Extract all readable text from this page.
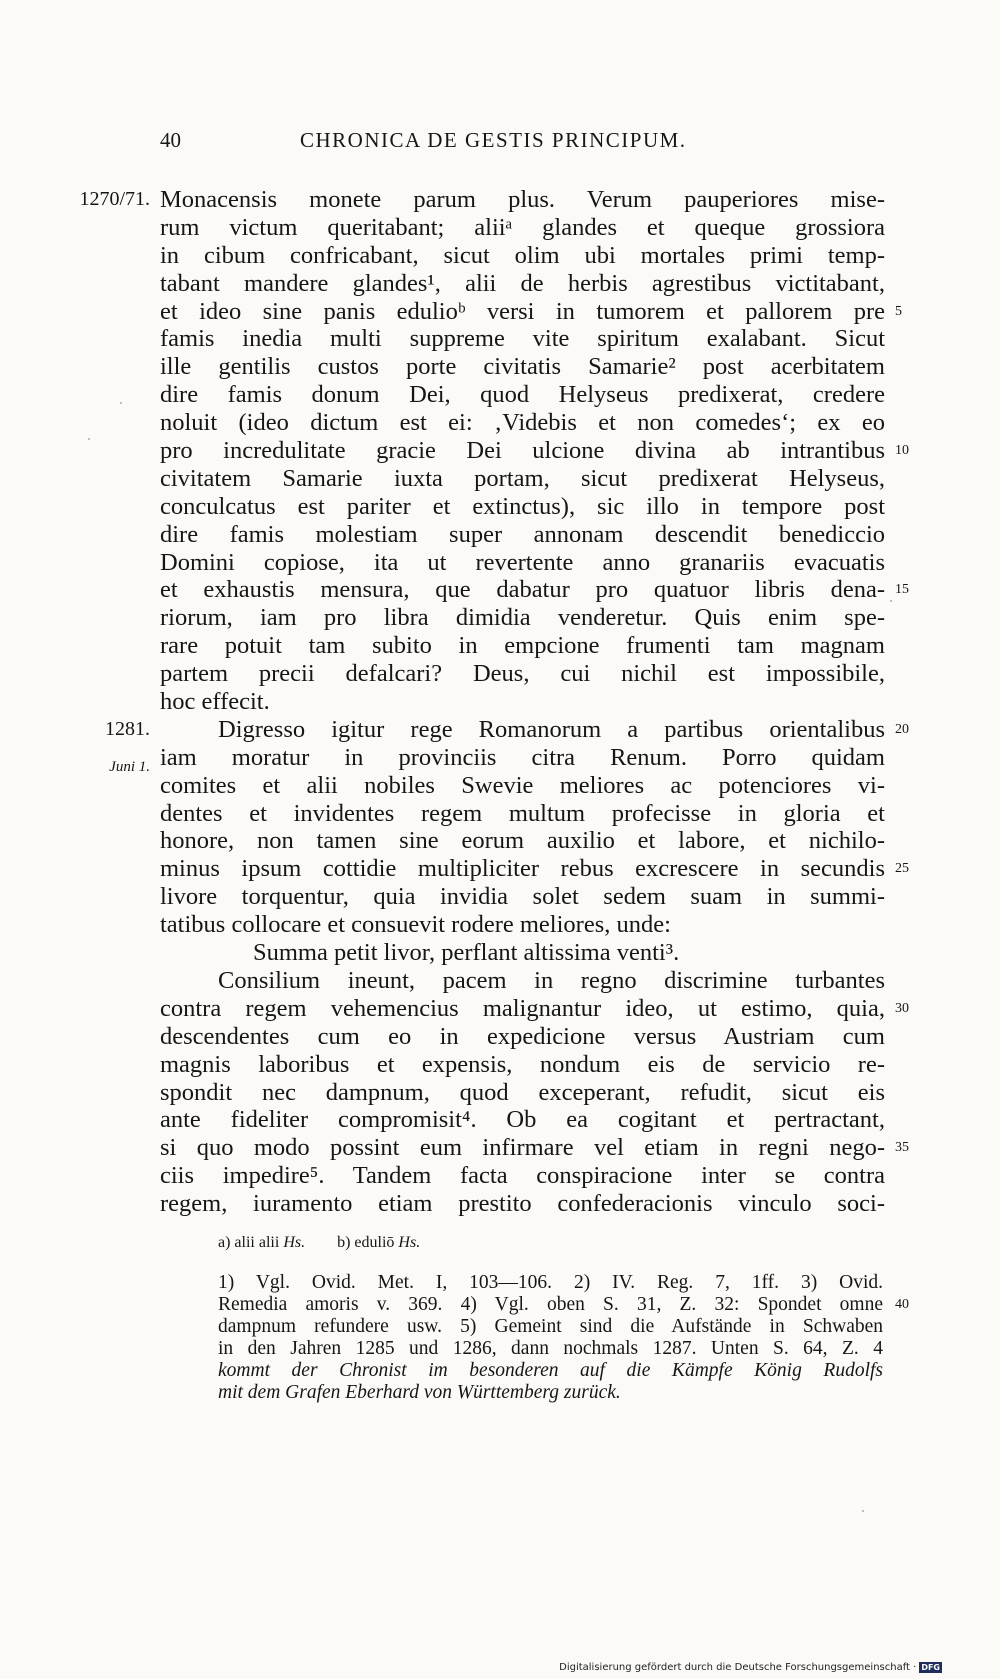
40	CHRONICA DE GESTIS PRINCIPUM.
1270/71. Monacensis monete parum plus. Verum pauperiores mise-
rum victum queritabant; aliiᵃ glandes et queque grossiora
in cibum confricabant, sicut olim ubi mortales primi temp-
tabant mandere glandes¹, alii de herbis agrestibus victitabant,
et ideo sine panis edulioᵇ versi in tumorem et pallorem pre 5
famis inedia multi suppreme vite spiritum exalabant. Sicut
ille gentilis custos porte civitatis Samarie² post acerbitatem
dire famis donum Dei, quod Helyseus predixerat, credere
noluit (ideo dictum est ei: ‚Videbis et non comedes‘; ex eo
pro incredulitate gracie Dei ulcione divina ab intrantibus 10
civitatem Samarie iuxta portam, sicut predixerat Helyseus,
conculcatus est pariter et extinctus), sic illo in tempore post
dire famis molestiam super annonam descendit benediccio
Domini copiose, ita ut revertente anno granariis evacuatis
et exhaustis mensura, que dabatur pro quatuor libris dena- 15
riorum, iam pro libra dimidia venderetur. Quis enim spe-
rare potuit tam subito in empcione frumenti tam magnam
partem precii defalcari? Deus, cui nichil est impossibile,
hoc effecit.
1281.	Digresso igitur rege Romanorum a partibus orientalibus 20
Juni 1. iam moratur in provinciis citra Renum. Porro quidam
comites et alii nobiles Swevie meliores ac potenciores vi-
dentes et invidentes regem multum profecisse in gloria et
honore, non tamen sine eorum auxilio et labore, et nichilo-
minus ipsum cottidie multipliciter rebus excrescere in secundis 25
livore torquentur, quia invidia solet sedem suam in summi-
tatibus collocare et consuevit rodere meliores, unde:
Summa petit livor, perflant altissima venti³.
Consilium ineunt, pacem in regno discrimine turbantes
contra regem vehemencius malignantur ideo, ut estimo, quia, 30
descendentes cum eo in expedicione versus Austriam cum
magnis laboribus et expensis, nondum eis de servicio re-
spondit nec dampnum, quod exceperant, refudit, sicut eis
ante fideliter compromisit⁴. Ob ea cogitant et pertractant,
si quo modo possint eum infirmare vel etiam in regni nego- 35
ciis impedire⁵. Tandem facta conspiracione inter se contra
regem, iuramento etiam prestito confederacionis vinculo soci-
a) alii alii Hs. b) eduliō Hs.
1) Vgl. Ovid. Met. I, 103—106. 2) IV. Reg. 7, 1ff. 3) Ovid.
Remedia amoris v. 369. 4) Vgl. oben S. 31, Z. 32: Spondet omne 40
dampnum refundere usw. 5) Gemeint sind die Aufstände in Schwaben
in den Jahren 1285 und 1286, dann nochmals 1287. Unten S. 64, Z. 4
kommt der Chronist im besonderen auf die Kämpfe König Rudolfs
mit dem Grafen Eberhard von Württemberg zurück.
Digitalisierung gefördert durch die Deutsche Forschungsgemeinschaft · DFG
